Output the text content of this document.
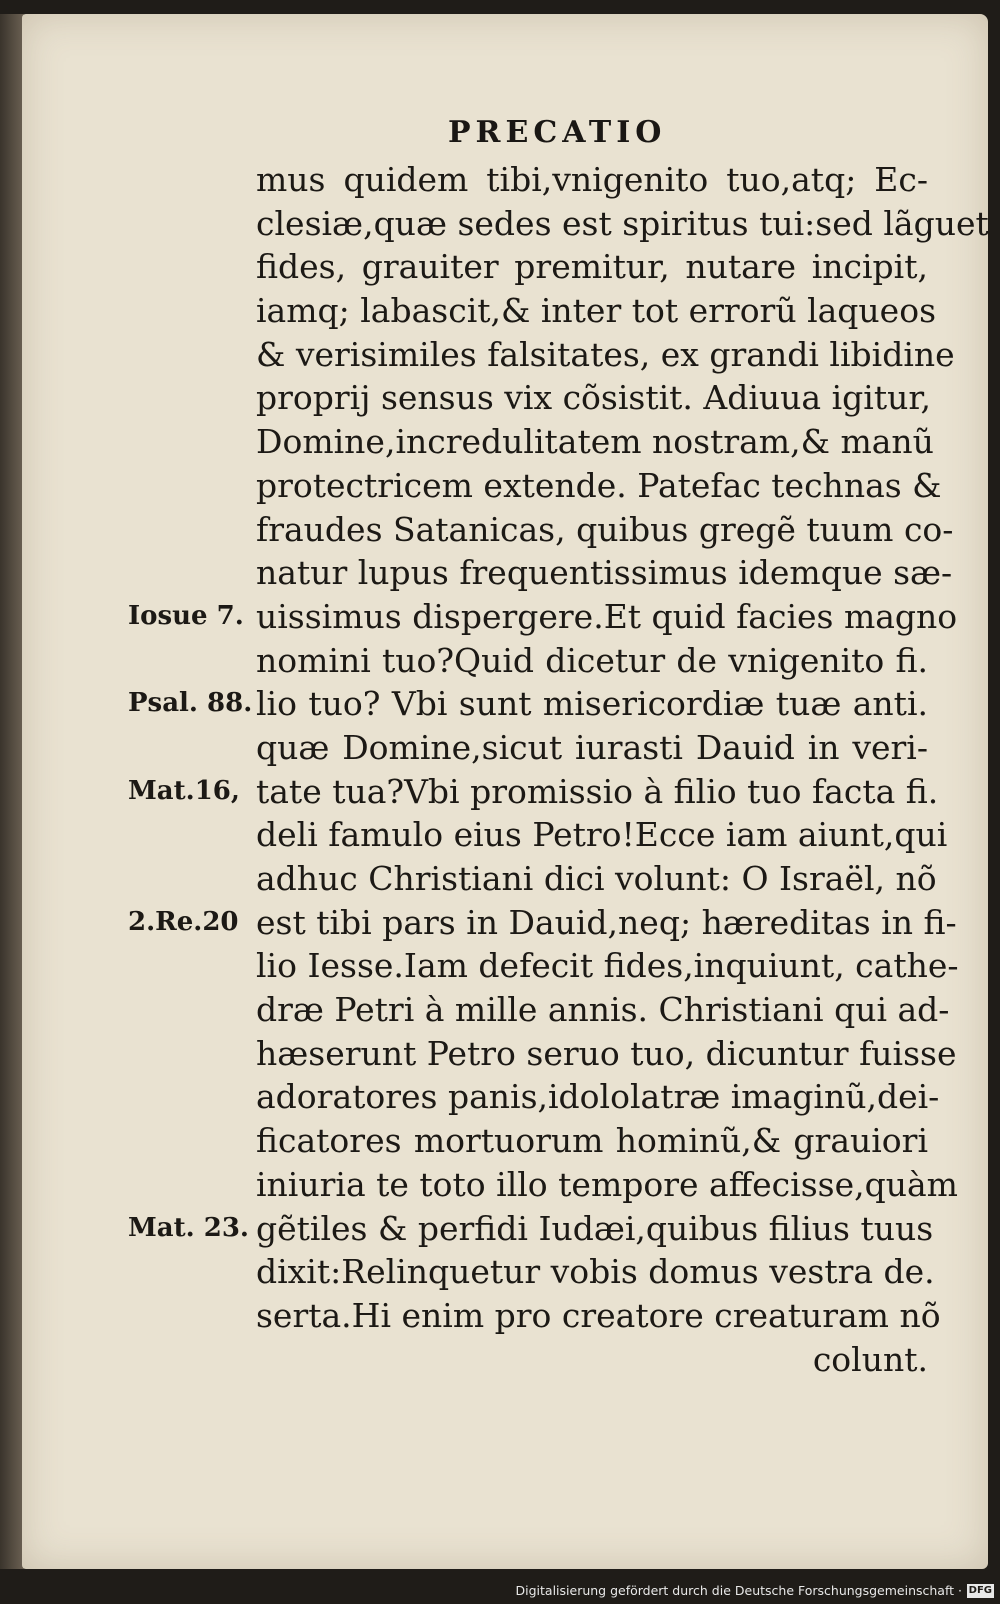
PRECATIO
mus quidem tibi,vnigenito tuo,atq; Ec-
clesiæ,quæ sedes est spiritus tui:sed lãguet
fides, grauiter premitur, nutare incipit,
iamq; labascit,& inter tot errorũ laqueos
& verisimiles falsitates, ex grandi libidine
proprij sensus vix cõsistit. Adiuua igitur,
Domine,incredulitatem nostram,& manũ
protectricem extende. Patefac technas &
fraudes Satanicas, quibus gregẽ tuum co-
natur lupus frequentissimus idemque sæ-
uissimus dispergere.Et quid facies magno
nomini tuo?Quid dicetur de vnigenito fi.
lio tuo? Vbi sunt misericordiæ tuæ anti.
quæ Domine,sicut iurasti Dauid in veri-
tate tua?Vbi promissio à filio tuo facta fi.
deli famulo eius Petro!Ecce iam aiunt,qui
adhuc Christiani dici volunt: O Israël, nõ
est tibi pars in Dauid,neq; hæreditas in fi-
lio Iesse.Iam defecit fides,inquiunt, cathe-
dræ Petri à mille annis. Christiani qui ad-
hæserunt Petro seruo tuo, dicuntur fuisse
adoratores panis,idololatræ imaginũ,dei-
ficatores mortuorum hominũ,& grauiori
iniuria te toto illo tempore affecisse,quàm
gẽtiles & perfidi Iudæi,quibus filius tuus
dixit:Relinquetur vobis domus vestra de.
serta.Hi enim pro creatore creaturam nõ
colunt.
Iosue 7.
Psal. 88.
Mat.16,
2.Re.20
Mat. 23.
Digitalisierung gefördert durch die Deutsche Forschungsgemeinschaft · DFG
